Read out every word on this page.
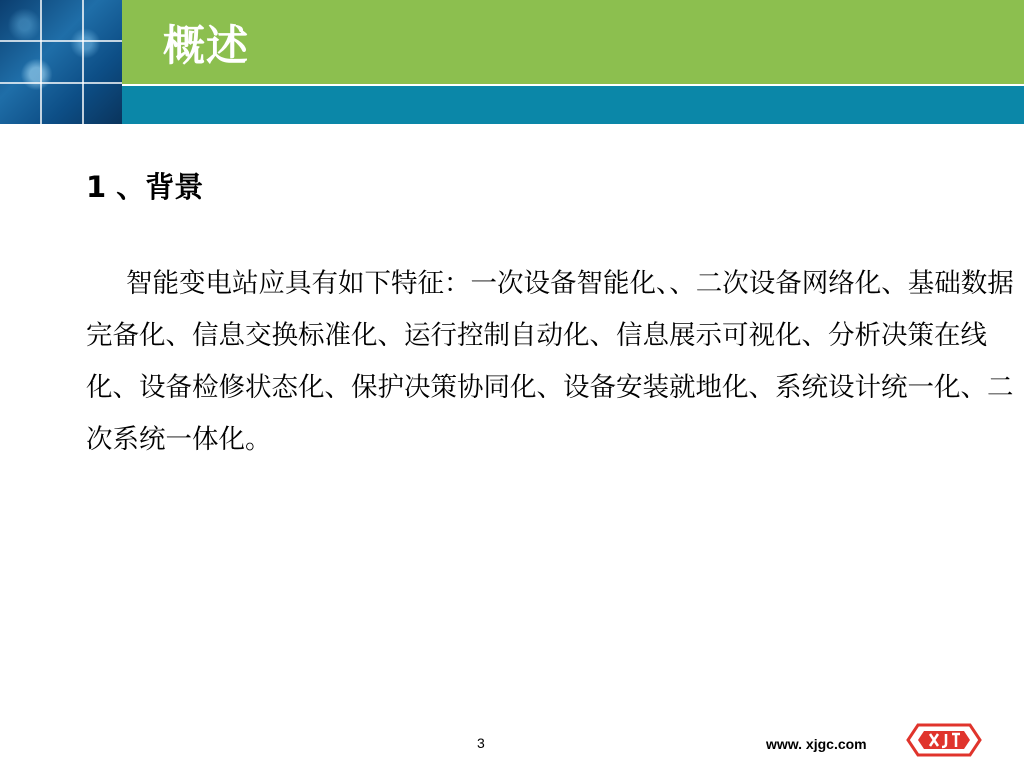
概述
1 、背景

智能变电站应具有如下特征：一次设备智能化、、二次设备网络化、基础数据完备化、信息交换标准化、运行控制自动化、信息展示可视化、分析决策在线化、设备检修状态化、保护决策协同化、设备安装就地化、系统设计统一化、二次系统一体化。

3	www. xjgc.com
